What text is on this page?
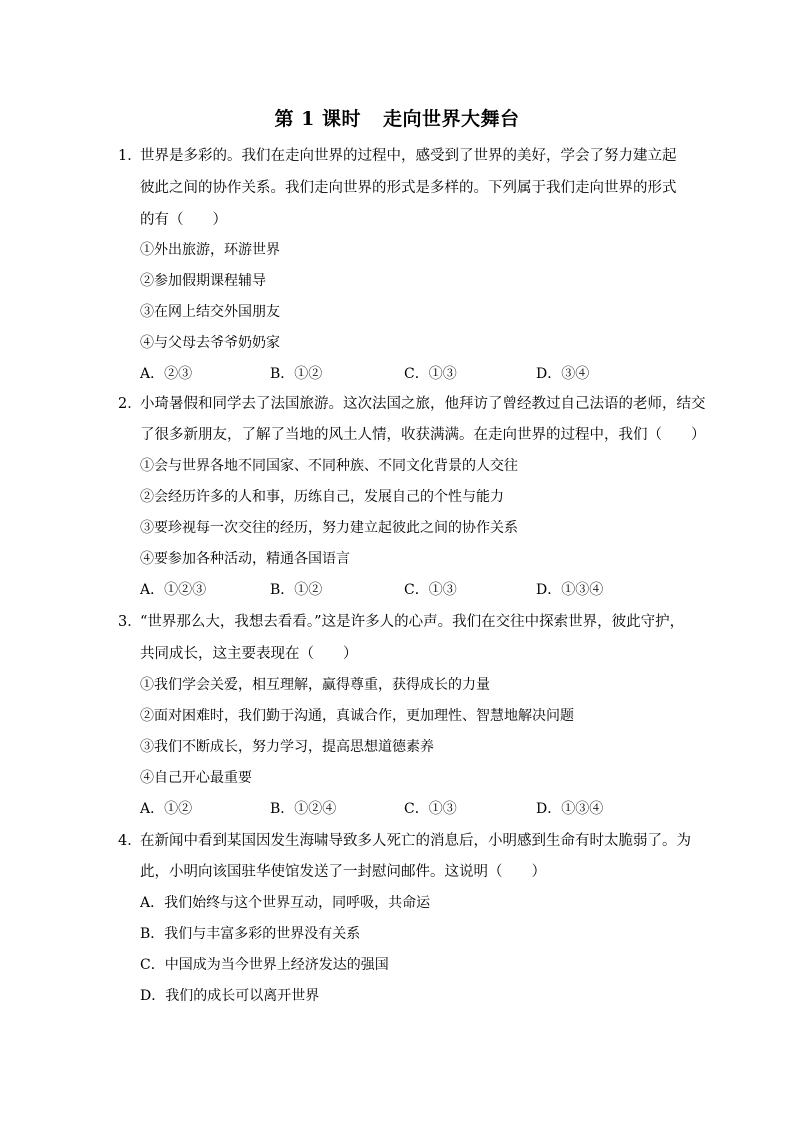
第 1 课时 走向世界大舞台
1．
世界是多彩的。我们在走向世界的过程中，感受到了世界的美好，学会了努力建立起
彼此之间的协作关系。我们走向世界的形式是多样的。下列属于我们走向世界的形式
的有（　　）
①外出旅游，环游世界
②参加假期课程辅导
③在网上结交外国朋友
④与父母去爷爷奶奶家
A．②③	B．①②	C．①③	D．③④
2．
小琦暑假和同学去了法国旅游。这次法国之旅，他拜访了曾经教过自己法语的老师，结交
了很多新朋友，了解了当地的风土人情，收获满满。在走向世界的过程中，我们（　　）
①会与世界各地不同国家、不同种族、不同文化背景的人交往
②会经历许多的人和事，历练自己，发展自己的个性与能力
③要珍视每一次交往的经历，努力建立起彼此之间的协作关系
④要参加各种活动，精通各国语言
A．①②③	B．①②	C．①③	D．①③④
3．
“世界那么大，我想去看看。”这是许多人的心声。我们在交往中探索世界，彼此守护，
共同成长，这主要表现在（　　）
①我们学会关爱，相互理解，赢得尊重，获得成长的力量
②面对困难时，我们勤于沟通，真诚合作，更加理性、智慧地解决问题
③我们不断成长，努力学习，提高思想道德素养
④自己开心最重要
A．①②	B．①②④	C．①③	D．①③④
4．
在新闻中看到某国因发生海啸导致多人死亡的消息后，小明感到生命有时太脆弱了。为
此，小明向该国驻华使馆发送了一封慰问邮件。这说明（　　）
A．我们始终与这个世界互动，同呼吸，共命运
B．我们与丰富多彩的世界没有关系
C．中国成为当今世界上经济发达的强国
D．我们的成长可以离开世界
